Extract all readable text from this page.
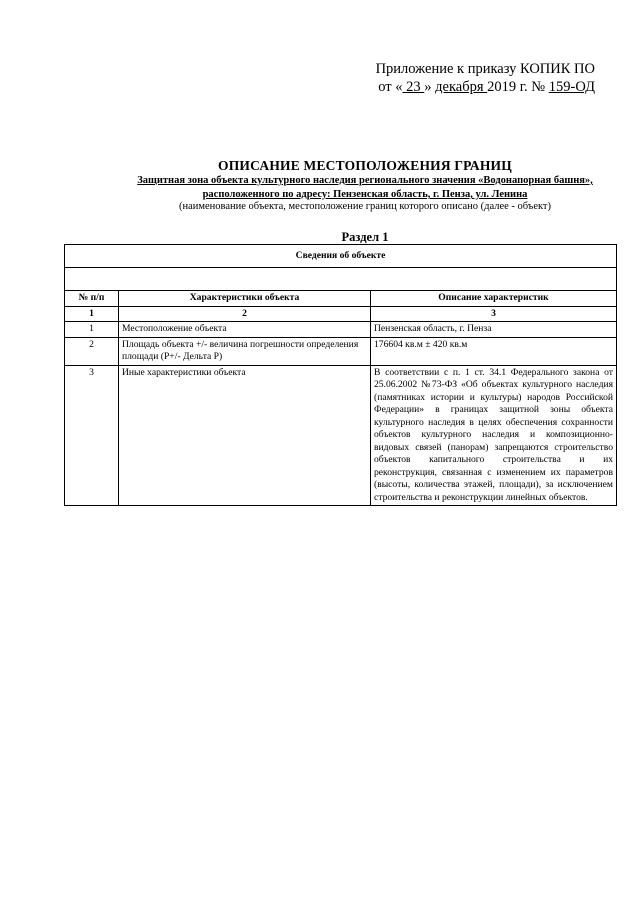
Приложение к приказу КОПИК ПО
от « 23 » декабря 2019 г. № 159-ОД
ОПИСАНИЕ МЕСТОПОЛОЖЕНИЯ ГРАНИЦ
Защитная зона объекта культурного наследия регионального значения «Водонапорная башня»,
расположенного по адресу: Пензенская область, г. Пенза, ул. Ленина
(наименование объекта, местоположение границ которого описано (далее - объект)
Раздел 1
Сведения об объекте		

№ п/п	Характеристики объекта	Описание характеристик
1	2	3
1	Местоположение объекта	Пензенская область, г. Пенза
2	Площадь объекта +/- величина погрешности определения площади (Р+/- Дельта Р)	176604 кв.м ± 420 кв.м
3	Иные характеристики объекта	В соответствии с п. 1 ст. 34.1 Федерального закона от 25.06.2002 №73-ФЗ «Об объектах культурного наследия (памятниках истории и культуры) народов Российской Федерации» в границах защитной зоны объекта культурного наследия в целях обеспечения сохранности объектов культурного наследия и композиционно-видовых связей (панорам) запрещаются строительство объектов капитального строительства и их реконструкция, связанная с изменением их параметров (высоты, количества этажей, площади), за исключением строительства и реконструкции линейных объектов.
